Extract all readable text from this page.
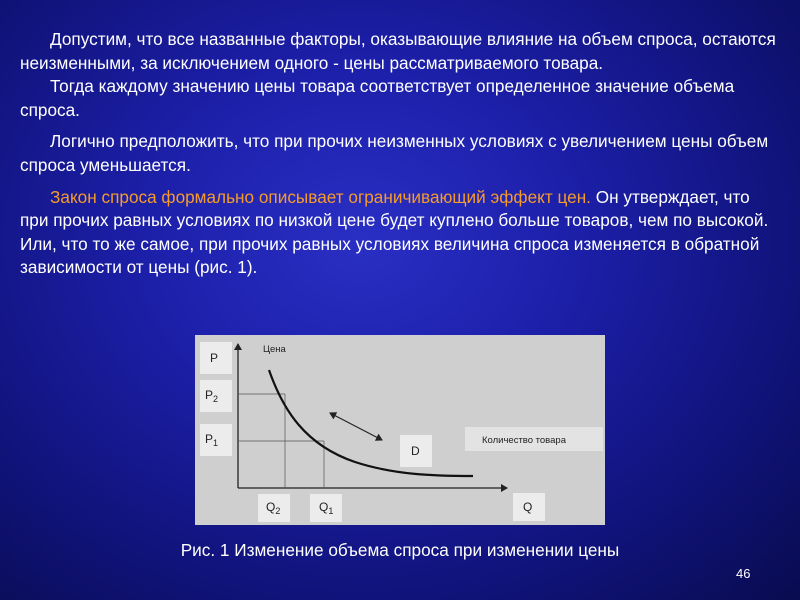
Допустим, что все названные факторы, оказывающие влияние на объем спроса, остаются неизменными, за исключением одного - цены рассматриваемого товара.

Тогда каждому значению цены товара соответствует определенное значение объема спроса.

Логично предположить, что при прочих неизменных условиях с увеличением цены объем спроса уменьшается.

Закон спроса формально описывает ограничивающий эффект цен. Он утверждает, что при прочих равных условиях по низкой цене будет куплено больше товаров, чем по высокой. Или, что то же самое, при прочих равных условиях величина спроса изменяется в обратной зависимости от цены (рис. 1).

Цена
Количество товара
P
$P_2$
$P_1$
D
$Q_2$	$Q_1$	Q
Рис. 1 Изменение объема спроса при изменении цены
46
